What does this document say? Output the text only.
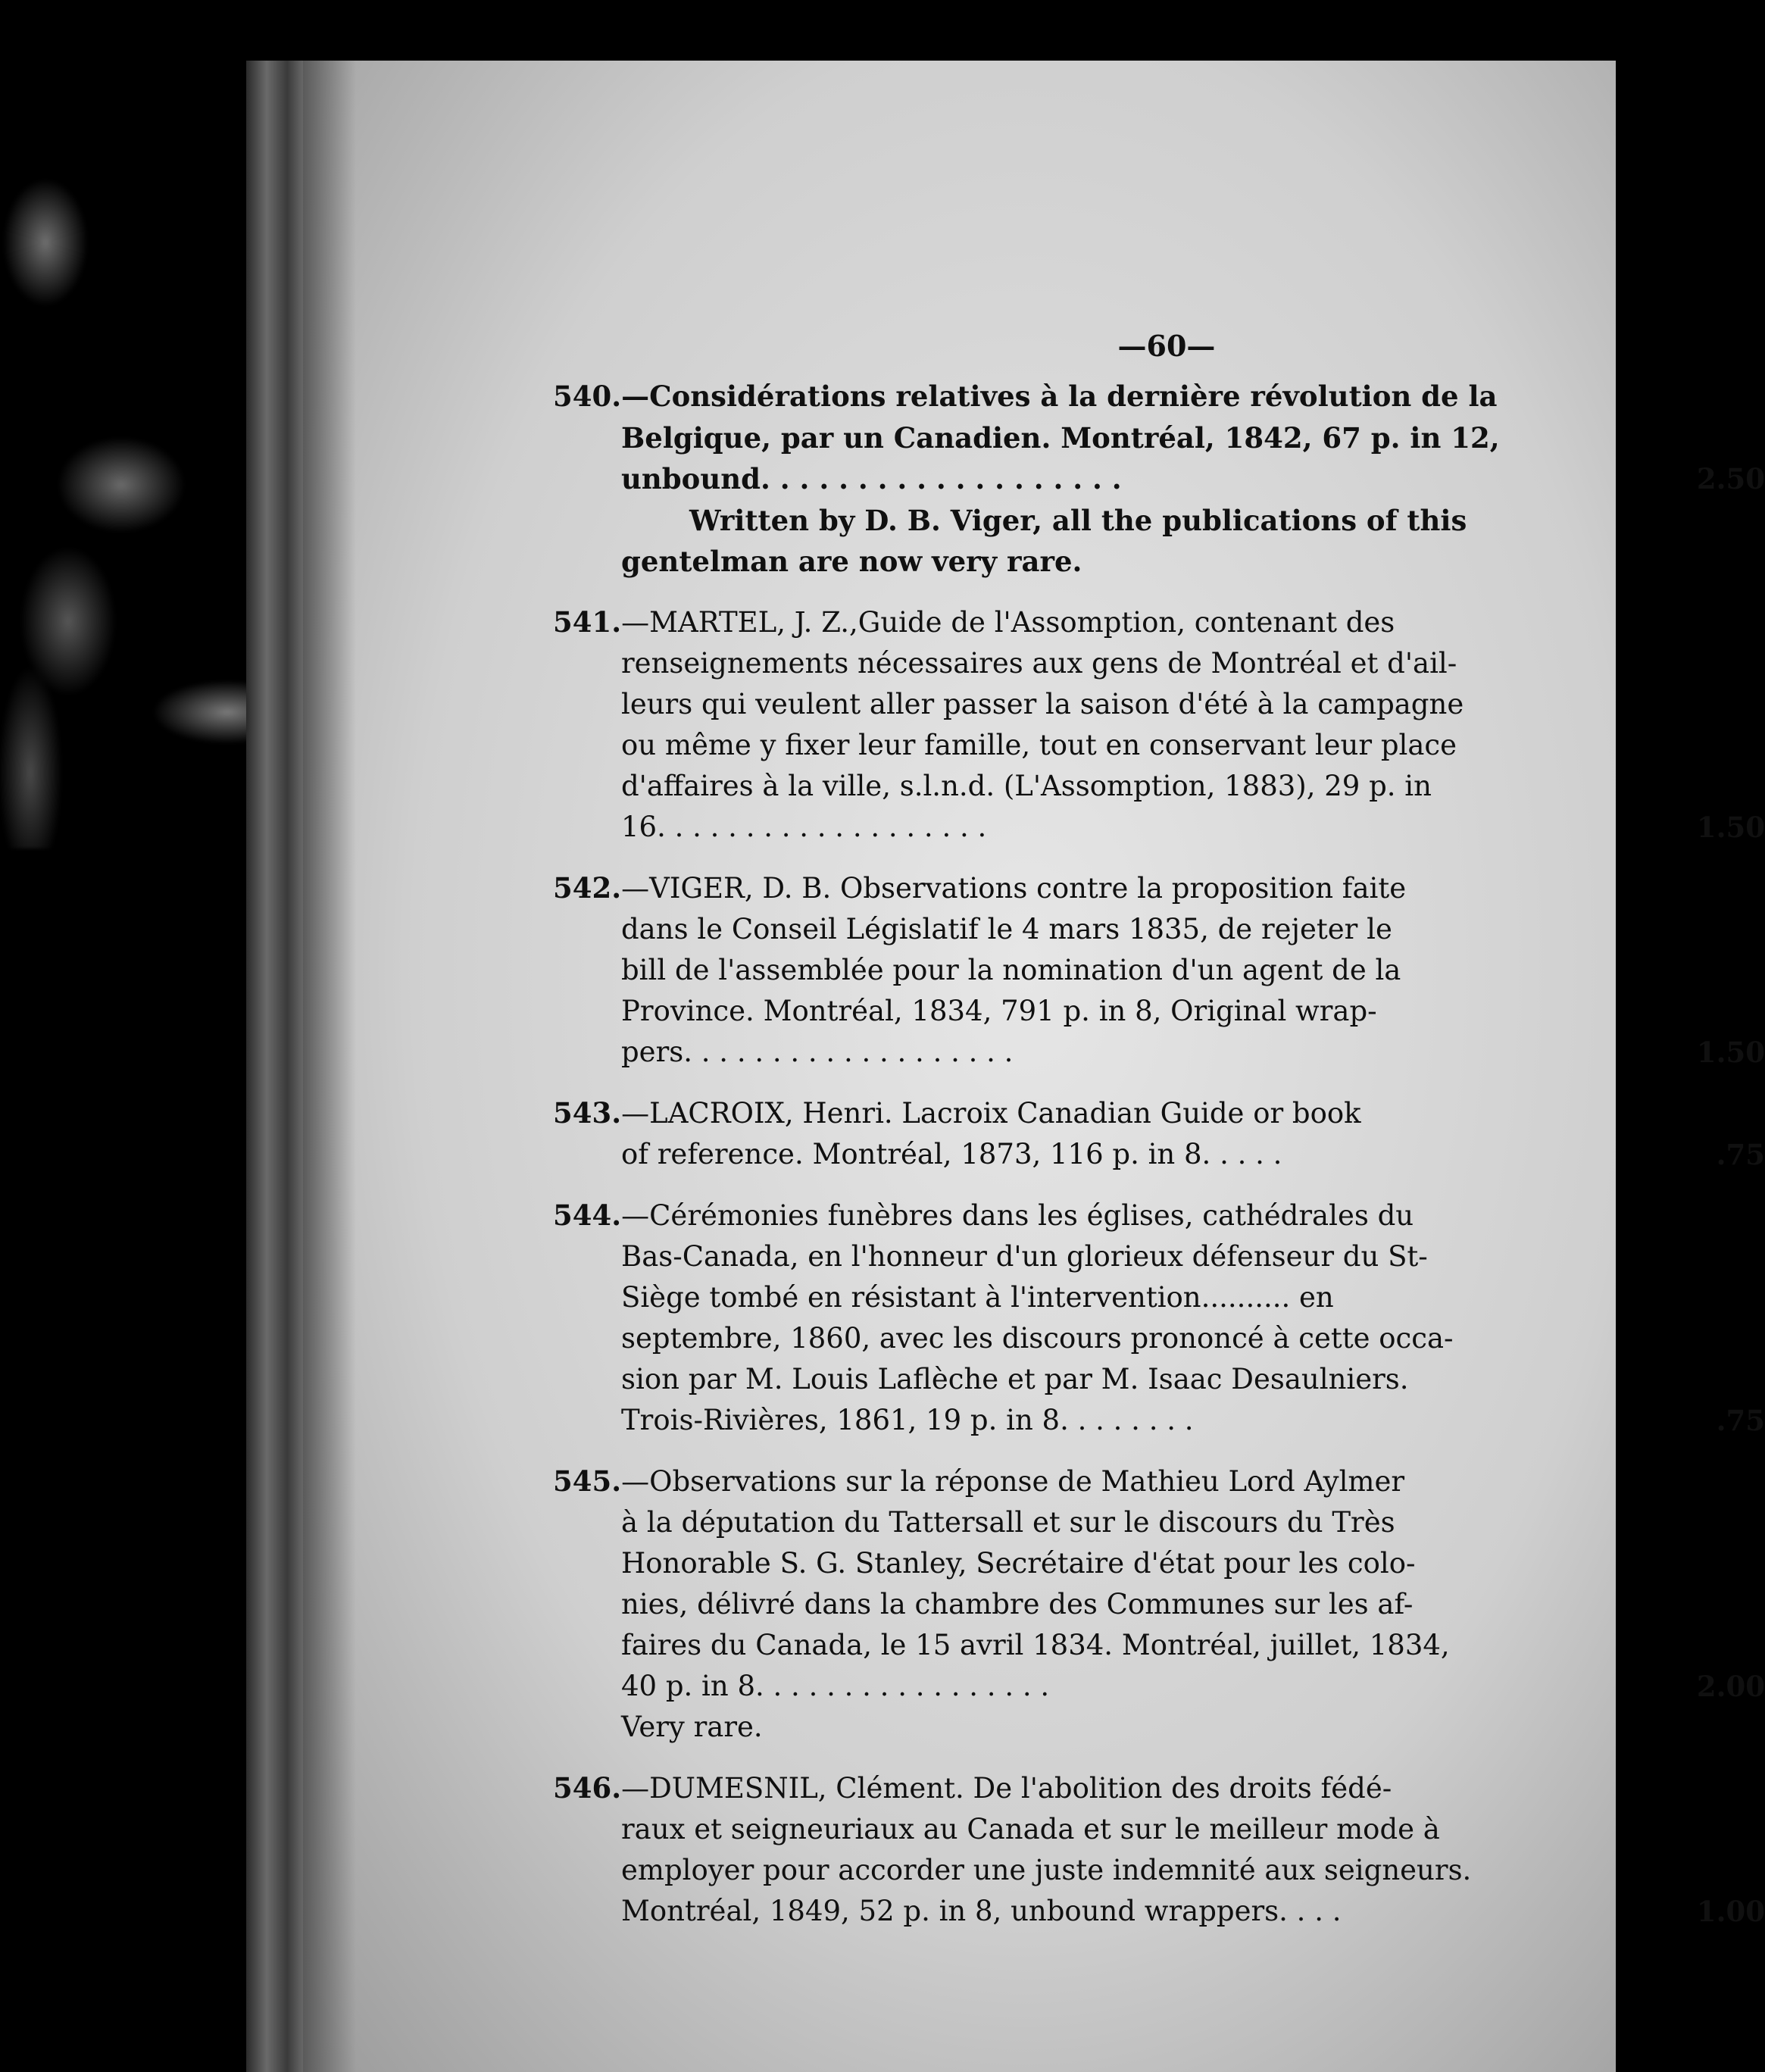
—60—
540.—Considérations relatives à la dernière révolution de la
Belgique, par un Canadien. Montréal, 1842, 67 p. in 12,
unbound. . . . . . . . . . . . . . . . . . .	2.50
Written by D. B. Viger, all the publications of this
gentelman are now very rare.
541.—MARTEL, J. Z.,Guide de l'Assomption, contenant des
renseignements nécessaires aux gens de Montréal et d'ail-
leurs qui veulent aller passer la saison d'été à la campagne
ou même y fixer leur famille, tout en conservant leur place
d'affaires à la ville, s.l.n.d. (L'Assomption, 1883), 29 p. in
16. . . . . . . . . . . . . . . . . . .	1.50
542.—VIGER, D. B. Observations contre la proposition faite
dans le Conseil Législatif le 4 mars 1835, de rejeter le
bill de l'assemblée pour la nomination d'un agent de la
Province. Montréal, 1834, 791 p. in 8, Original wrap-
pers. . . . . . . . . . . . . . . . . . .	1.50
543.—LACROIX, Henri. Lacroix Canadian Guide or book
of reference. Montréal, 1873, 116 p. in 8. . . . .	.75
544.—Cérémonies funèbres dans les églises, cathédrales du
Bas-Canada, en l'honneur d'un glorieux défenseur du St-
Siège tombé en résistant à l'intervention.......... en
septembre, 1860, avec les discours prononcé à cette occa-
sion par M. Louis Laflèche et par M. Isaac Desaulniers.
Trois-Rivières, 1861, 19 p. in 8. . . . . . . .	.75
545.—Observations sur la réponse de Mathieu Lord Aylmer
à la députation du Tattersall et sur le discours du Très
Honorable S. G. Stanley, Secrétaire d'état pour les colo-
nies, délivré dans la chambre des Communes sur les af-
faires du Canada, le 15 avril 1834. Montréal, juillet, 1834,
40 p. in 8. . . . . . . . . . . . . . . . .	2.00
Very rare.
546.—DUMESNIL, Clément. De l'abolition des droits fédé-
raux et seigneuriaux au Canada et sur le meilleur mode à
employer pour accorder une juste indemnité aux seigneurs.
Montréal, 1849, 52 p. in 8, unbound wrappers. . . .	1.00
